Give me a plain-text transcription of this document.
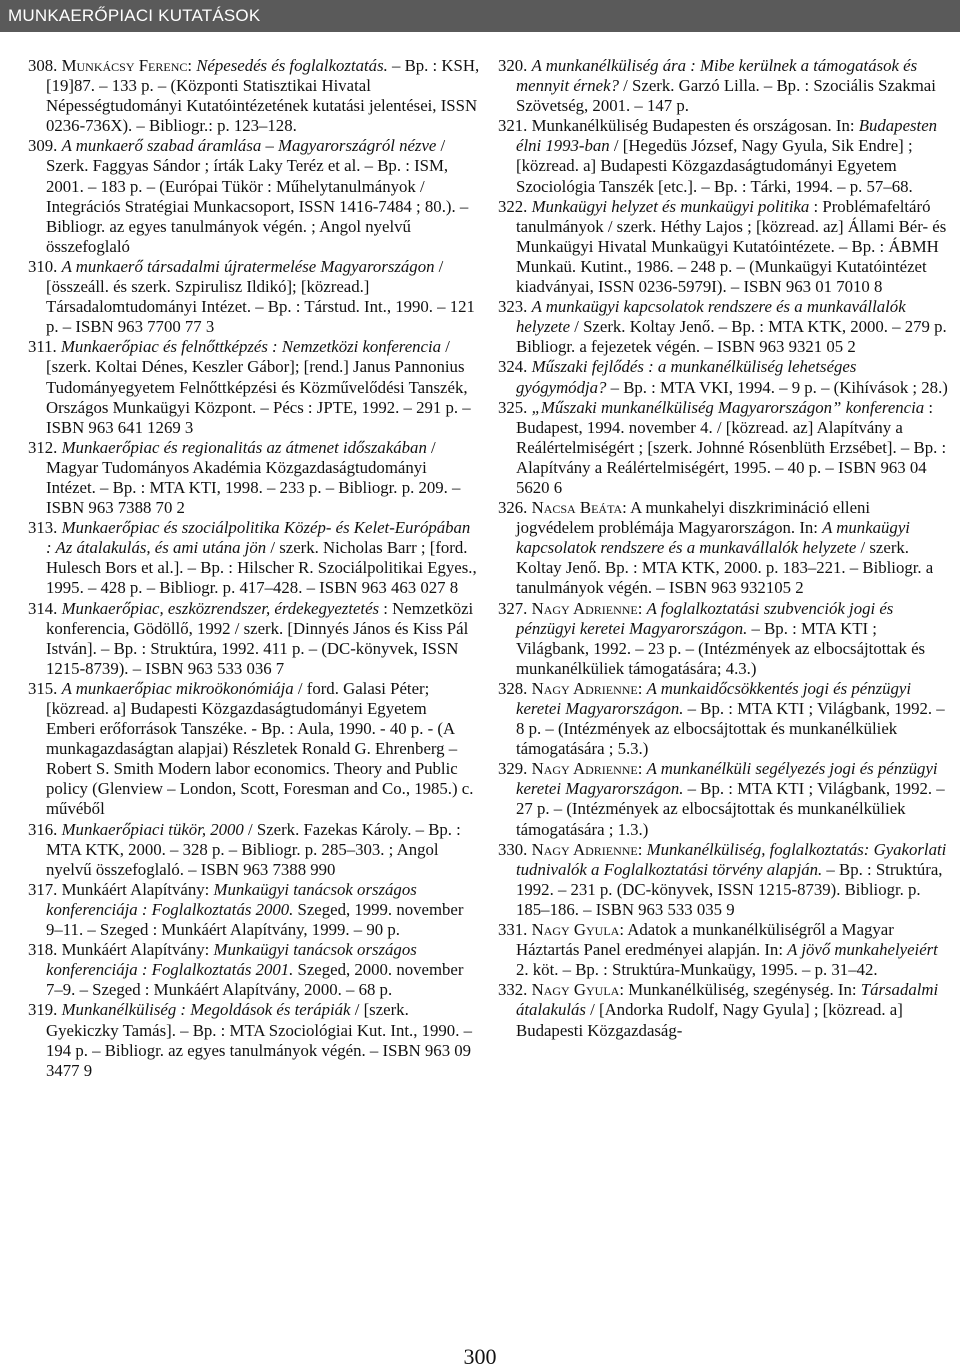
MUNKAERŐPIACI KUTATÁSOK

308. Munkácsy Ferenc: Népesedés és foglalkoztatás. – Bp. : KSH, [19]87. – 133 p. – (Központi Statisztikai Hivatal Népességtudományi Kutatóintézetének kutatási jelentései, ISSN 0236-736X). – Bibliogr.: p. 123–128.

309. A munkaerő szabad áramlása – Magyarországról nézve / Szerk. Faggyas Sándor ; írták Laky Teréz et al. – Bp. : ISM, 2001. – 183 p. – (Európai Tükör : Műhelytanulmányok / Integrációs Stratégiai Munkacsoport, ISSN 1416-7484 ; 80.). – Bibliogr. az egyes tanulmányok végén. ; Angol nyelvű összefoglaló

310. A munkaerő társadalmi újratermelése Magyarországon / [összeáll. és szerk. Szpirulisz Ildikó]; [közread.] Társadalomtudományi Intézet. – Bp. : Társtud. Int., 1990. – 121 p. – ISBN 963 7700 77 3

311. Munkaerőpiac és felnőttképzés : Nemzetközi konferencia / [szerk. Koltai Dénes, Keszler Gábor]; [rend.] Janus Pannonius Tudományegyetem Felnőttképzési és Közművelődési Tanszék, Országos Munkaügyi Központ. – Pécs : JPTE, 1992. – 291 p. – ISBN 963 641 1269 3

312. Munkaerőpiac és regionalitás az átmenet időszakában / Magyar Tudományos Akadémia Közgazdaságtudományi Intézet. – Bp. : MTA KTI, 1998. – 233 p. – Bibliogr. p. 209. – ISBN 963 7388 70 2

313. Munkaerőpiac és szociálpolitika Közép- és Kelet-Európában : Az átalakulás, és ami utána jön / szerk. Nicholas Barr ; [ford. Hulesch Bors et al.]. – Bp. : Hilscher R. Szociálpolitikai Egyes., 1995. – 428 p. – Bibliogr. p. 417–428. – ISBN 963 463 027 8

314. Munkaerőpiac, eszközrendszer, érdekegyeztetés : Nemzetközi konferencia, Gödöllő, 1992 / szerk. [Dinnyés János és Kiss Pál István]. – Bp. : Struktúra, 1992. 411 p. – (DC-könyvek, ISSN 1215-8739). – ISBN 963 533 036 7

315. A munkaerőpiac mikroökonómiája / ford. Galasi Péter; [közread. a] Budapesti Közgazdaságtudományi Egyetem Emberi erőforrások Tanszéke. - Bp. : Aula, 1990. - 40 p. - (A munkagazdaságtan alapjai) Részletek Ronald G. Ehrenberg – Robert S. Smith Modern labor economics. Theory and Public policy (Glenview – London, Scott, Foresman and Co., 1985.) c. művéből

316. Munkaerőpiaci tükör, 2000 / Szerk. Fazekas Károly. – Bp. : MTA KTK, 2000. – 328 p. – Bibliogr. p. 285–303. ; Angol nyelvű összefoglaló. – ISBN 963 7388 990

317. Munkáért Alapítvány: Munkaügyi tanácsok országos konferenciája : Foglalkoztatás 2000. Szeged, 1999. november 9–11. – Szeged : Munkáért Alapítvány, 1999. – 90 p.

318. Munkáért Alapítvány: Munkaügyi tanácsok országos konferenciája : Foglalkoztatás 2001. Szeged, 2000. november 7–9. – Szeged : Munkáért Alapítvány, 2000. – 68 p.

319. Munkanélküliség : Megoldások és terápiák / [szerk. Gyekiczky Tamás]. – Bp. : MTA Szociológiai Kut. Int., 1990. – 194 p. – Bibliogr. az egyes tanulmányok végén. – ISBN 963 09 3477 9

320. A munkanélküliség ára : Mibe kerülnek a támogatások és mennyit érnek? / Szerk. Garzó Lilla. – Bp. : Szociális Szakmai Szövetség, 2001. – 147 p.

321. Munkanélküliség Budapesten és országosan. In: Budapesten élni 1993-ban / [Hegedüs József, Nagy Gyula, Sik Endre] ; [közread. a] Budapesti Közgazdaságtudományi Egyetem Szociológia Tanszék [etc.]. – Bp. : Tárki, 1994. – p. 57–68.

322. Munkaügyi helyzet és munkaügyi politika : Problémafeltáró tanulmányok / szerk. Héthy Lajos ; [közread. az] Állami Bér- és Munkaügyi Hivatal Munkaügyi Kutatóintézete. – Bp. : ÁBMH Munkaü. Kutint., 1986. – 248 p. – (Munkaügyi Kutatóintézet kiadványai, ISSN 0236-5979I). – ISBN 963 01 7010 8

323. A munkaügyi kapcsolatok rendszere és a munkavállalók helyzete / Szerk. Koltay Jenő. – Bp. : MTA KTK, 2000. – 279 p. Bibliogr. a fejezetek végén. – ISBN 963 9321 05 2

324. Műszaki fejlődés : a munkanélküliség lehetséges gyógymódja? – Bp. : MTA VKI, 1994. – 9 p. – (Kihívások ; 28.)

325. „Műszaki munkanélküliség Magyarországon” konferencia : Budapest, 1994. november 4. / [közread. az] Alapítvány a Reálértelmiségért ; [szerk. Johnné Rósenblüth Erzsébet]. – Bp. : Alapítvány a Reálértelmiségért, 1995. – 40 p. – ISBN 963 04 5620 6

326. Nacsa Beáta: A munkahelyi diszkrimináció elleni jogvédelem problémája Magyarországon. In: A munkaügyi kapcsolatok rendszere és a munkavállalók helyzete / szerk. Koltay Jenő. Bp. : MTA KTK, 2000. p. 183–221. – Bibliogr. a tanulmányok végén. – ISBN 963 932105 2

327. Nagy Adrienne: A foglalkoztatási szubvenciók jogi és pénzügyi keretei Magyarországon. – Bp. : MTA KTI ; Világbank, 1992. – 23 p. – (Intézmények az elbocsájtottak és munkanélküliek támogatására; 4.3.)

328. Nagy Adrienne: A munkaidőcsökkentés jogi és pénzügyi keretei Magyarországon. – Bp. : MTA KTI ; Világbank, 1992. – 8 p. – (Intézmények az elbocsájtottak és munkanélküliek támogatására ; 5.3.)

329. Nagy Adrienne: A munkanélküli segélyezés jogi és pénzügyi keretei Magyarországon. – Bp. : MTA KTI ; Világbank, 1992. – 27 p. – (Intézmények az elbocsájtottak és munkanélküliek támogatására ; 1.3.)

330. Nagy Adrienne: Munkanélküliség, foglalkoztatás: Gyakorlati tudnivalók a Foglalkoztatási törvény alapján. – Bp. : Struktúra, 1992. – 231 p. (DC-könyvek, ISSN 1215-8739). Bibliogr. p. 185–186. – ISBN 963 533 035 9

331. Nagy Gyula: Adatok a munkanélküliségről a Magyar Háztartás Panel eredményei alapján. In: A jövő munkahelyeiért 2. köt. – Bp. : Struktúra-Munkaügy, 1995. – p. 31–42.

332. Nagy Gyula: Munkanélküliség, szegénység. In: Társadalmi átalakulás / [Andorka Rudolf, Nagy Gyula] ; [közread. a] Budapesti Közgazdaság-

300
